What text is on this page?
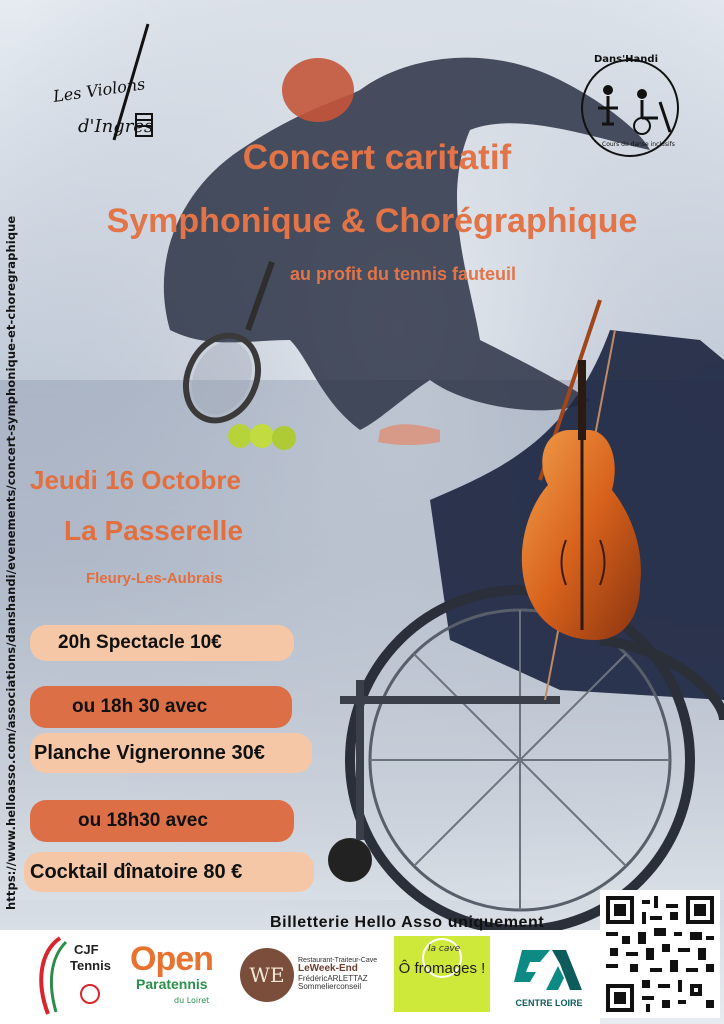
Les Violons
d'Ingres
Cours de danse inclusifs
Dans'Handi
https://www.helloasso.com/associations/danshandi/evenements/concert-symphonique-et-choregraphique
Concert caritatif
Symphonique & Chorégraphique
au profit du tennis fauteuil
Jeudi 16 Octobre
La Passerelle
Fleury-Les-Aubrais
20h Spectacle 10€
ou 18h 30 avec
Planche Vigneronne 30€
ou 18h30 avec
Cocktail dînatoire 80 €
Billetterie Hello Asso uniquement
CJF
Tennis Open
Paratennis
du Loiret
WE
Restaurant-Traiteur-Cave
LeWeek-End
FrédéricARLETTAZ
Sommelierconseil
la cave
Ô fromages !
CENTRE LOIRE
